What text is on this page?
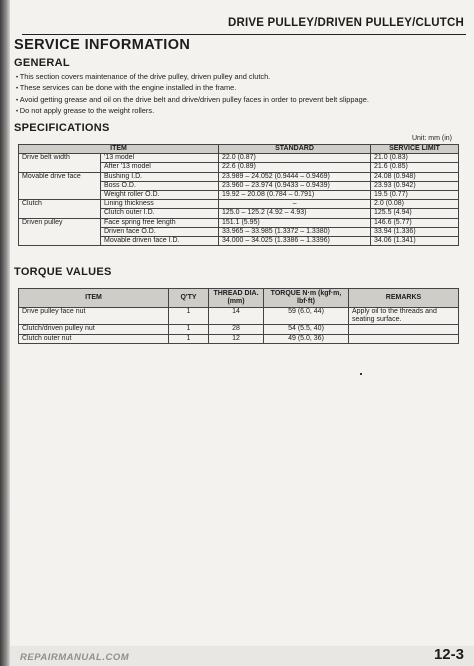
DRIVE PULLEY/DRIVEN PULLEY/CLUTCH
SERVICE INFORMATION
GENERAL
• This section covers maintenance of the drive pulley, driven pulley and clutch.
• These services can be done with the engine installed in the frame.
• Avoid getting grease and oil on the drive belt and drive/driven pulley faces in order to prevent belt slippage.
• Do not apply grease to the weight rollers.
SPECIFICATIONS
Unit: mm (in)
ITEM		STANDARD	SERVICE LIMIT
Drive belt width	'13 model	22.0 (0.87)	21.0 (0.83)
	After '13 model	22.6 (0.89)	21.6 (0.85)
Movable drive face	Bushing I.D.	23.989 – 24.052 (0.9444 – 0.9469)	24.08 (0.948)
	Boss O.D.	23.960 – 23.974 (0.9433 – 0.9439)	23.93 (0.942)
	Weight roller O.D.	19.92 – 20.08 (0.784 – 0.791)	19.5 (0.77)
Clutch	Lining thickness	–	2.0 (0.08)
	Clutch outer I.D.	125.0 – 125.2 (4.92 – 4.93)	125.5 (4.94)
Driven pulley	Face spring free length	151.1 (5.95)	146.6 (5.77)
	Driven face O.D.	33.965 – 33.985 (1.3372 – 1.3380)	33.94 (1.336)
	Movable driven face I.D.	34.000 – 34.025 (1.3386 – 1.3396)	34.06 (1.341)
TORQUE VALUES
ITEM	Q'TY	THREAD DIA. (mm)	TORQUE N·m (kgf·m, lbf·ft)	REMARKS
Drive pulley face nut	1	14	59 (6.0, 44)	Apply oil to the threads and seating surface.
Clutch/driven pulley nut	1	28	54 (5.5, 40)	
Clutch outer nut	1	12	49 (5.0, 36)	
REPAIRMANUAL.COM	12-3
